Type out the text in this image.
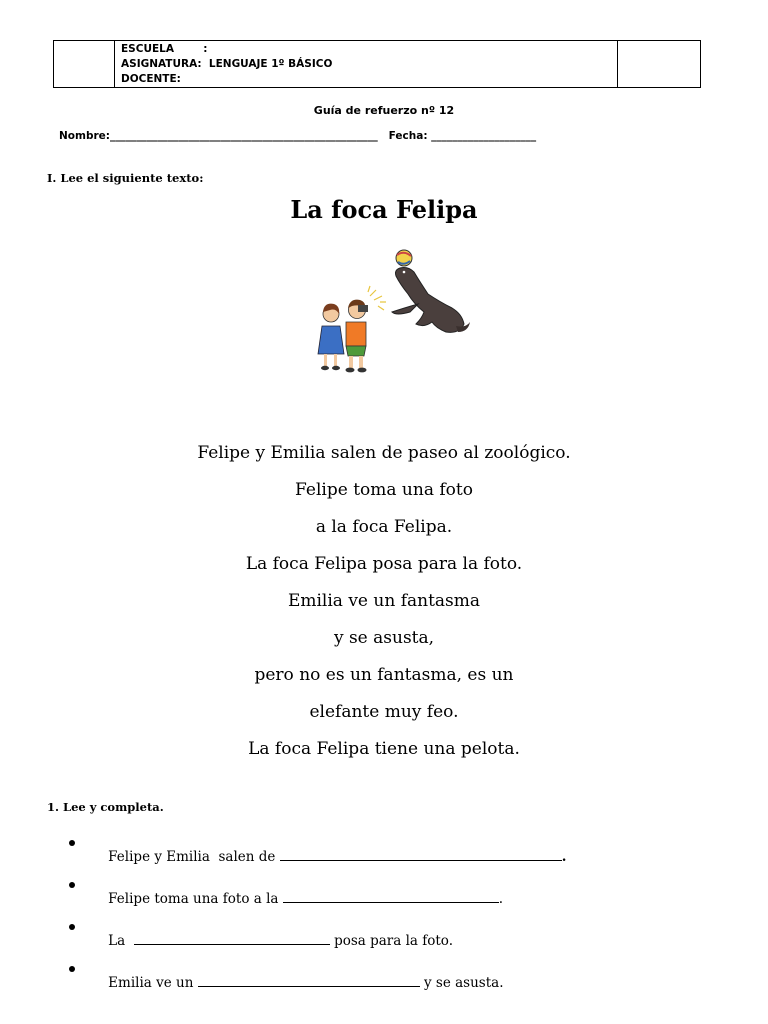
ESCUELA        :
ASIGNATURA:  LENGUAJE 1º BÁSICO
DOCENTE:
Guía de refuerzo nº 12
Nombre:___________________________________________________   Fecha: ____________________
I. Lee el siguiente texto:
La foca Felipa
Felipe y Emilia salen de paseo al zoológico.
Felipe toma una foto
a la foca Felipa.
La foca Felipa posa para la foto.
Emilia ve un fantasma
y se asusta,
pero no es un fantasma, es un
elefante muy feo.
La foca Felipa tiene una pelota.
1. Lee y completa.

Felipe y Emilia  salen de	.

Felipe toma una foto a la	.

La	posa para la foto.

Emilia ve un	y se asusta.
